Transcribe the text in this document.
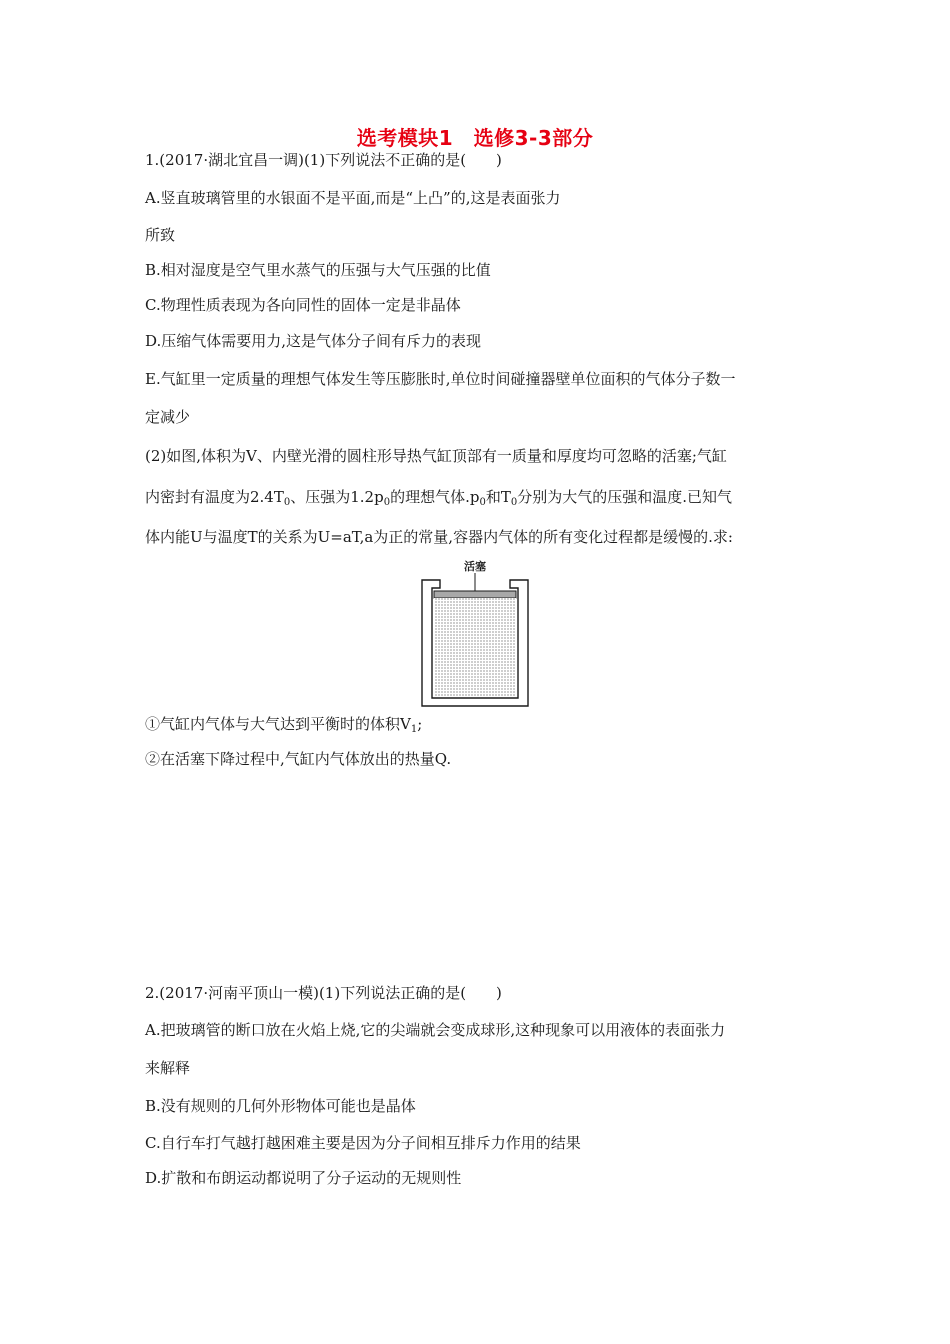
选考模块1　选修3-3部分
1.(2017·湖北宜昌一调)(1)下列说法不正确的是(　　)
A.竖直玻璃管里的水银面不是平面,而是“上凸”的,这是表面张力
所致
B.相对湿度是空气里水蒸气的压强与大气压强的比值
C.物理性质表现为各向同性的固体一定是非晶体
D.压缩气体需要用力,这是气体分子间有斥力的表现
E.气缸里一定质量的理想气体发生等压膨胀时,单位时间碰撞器壁单位面积的气体分子数一
定减少
(2)如图,体积为V、内壁光滑的圆柱形导热气缸顶部有一质量和厚度均可忽略的活塞;气缸
内密封有温度为$2.4T_0$、压强为$1.2p_0$的理想气体$.p_0$和$T_0$分别为大气的压强和温度.已知气
体内能U与温度T的关系为U=aT,a为正的常量,容器内气体的所有变化过程都是缓慢的.求:
活塞
①气缸内气体与大气达到平衡时的体积$V_1$;
②在活塞下降过程中,气缸内气体放出的热量Q.
2.(2017·河南平顶山一模)(1)下列说法正确的是(　　)
A.把玻璃管的断口放在火焰上烧,它的尖端就会变成球形,这种现象可以用液体的表面张力
来解释
B.没有规则的几何外形物体可能也是晶体
C.自行车打气越打越困难主要是因为分子间相互排斥力作用的结果
D.扩散和布朗运动都说明了分子运动的无规则性
